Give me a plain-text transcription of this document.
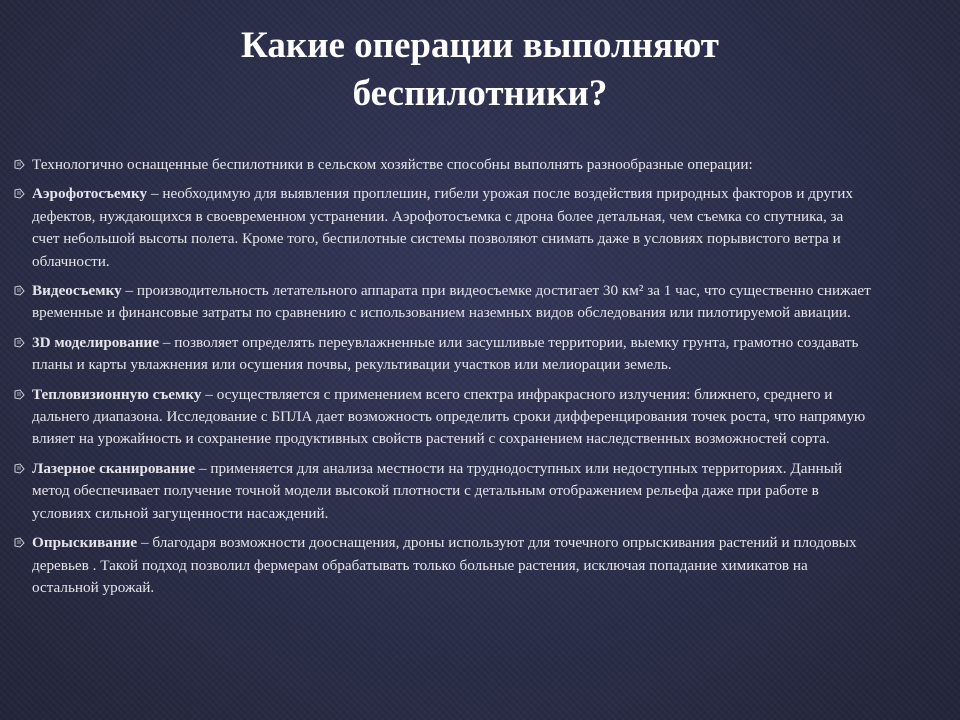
Какие операции выполняют
беспилотники?
Технологично оснащенные беспилотники в сельском хозяйстве способны выполнять разнообразные операции:
Аэрофотосъемку – необходимую для выявления проплешин, гибели урожая после воздействия природных факторов и других дефектов, нуждающихся в своевременном устранении. Аэрофотосъемка с дрона более детальная, чем съемка со спутника, за счет небольшой высоты полета. Кроме того, беспилотные системы позволяют снимать даже в условиях порывистого ветра и облачности.
Видеосъемку – производительность летательного аппарата при видеосъемке достигает 30 км² за 1 час, что существенно снижает временные и финансовые затраты по сравнению с использованием наземных видов обследования или пилотируемой авиации.
3D моделирование – позволяет определять переувлажненные или засушливые территории, выемку грунта, грамотно создавать планы и карты увлажнения или осушения почвы, рекультивации участков или мелиорации земель.
Тепловизионную съемку – осуществляется с применением всего спектра инфракрасного излучения: ближнего, среднего и дальнего диапазона. Исследование с БПЛА дает возможность определить сроки дифференцирования точек роста, что напрямую влияет на урожайность и сохранение продуктивных свойств растений с сохранением наследственных возможностей сорта.
Лазерное сканирование – применяется для анализа местности на труднодоступных или недоступных территориях. Данный метод обеспечивает получение точной модели высокой плотности с детальным отображением рельефа даже при работе в условиях сильной загущенности насаждений.
Опрыскивание – благодаря возможности дооснащения, дроны используют для точечного опрыскивания растений и плодовых деревьев . Такой подход позволил фермерам обрабатывать только больные растения, исключая попадание химикатов на остальной урожай.
